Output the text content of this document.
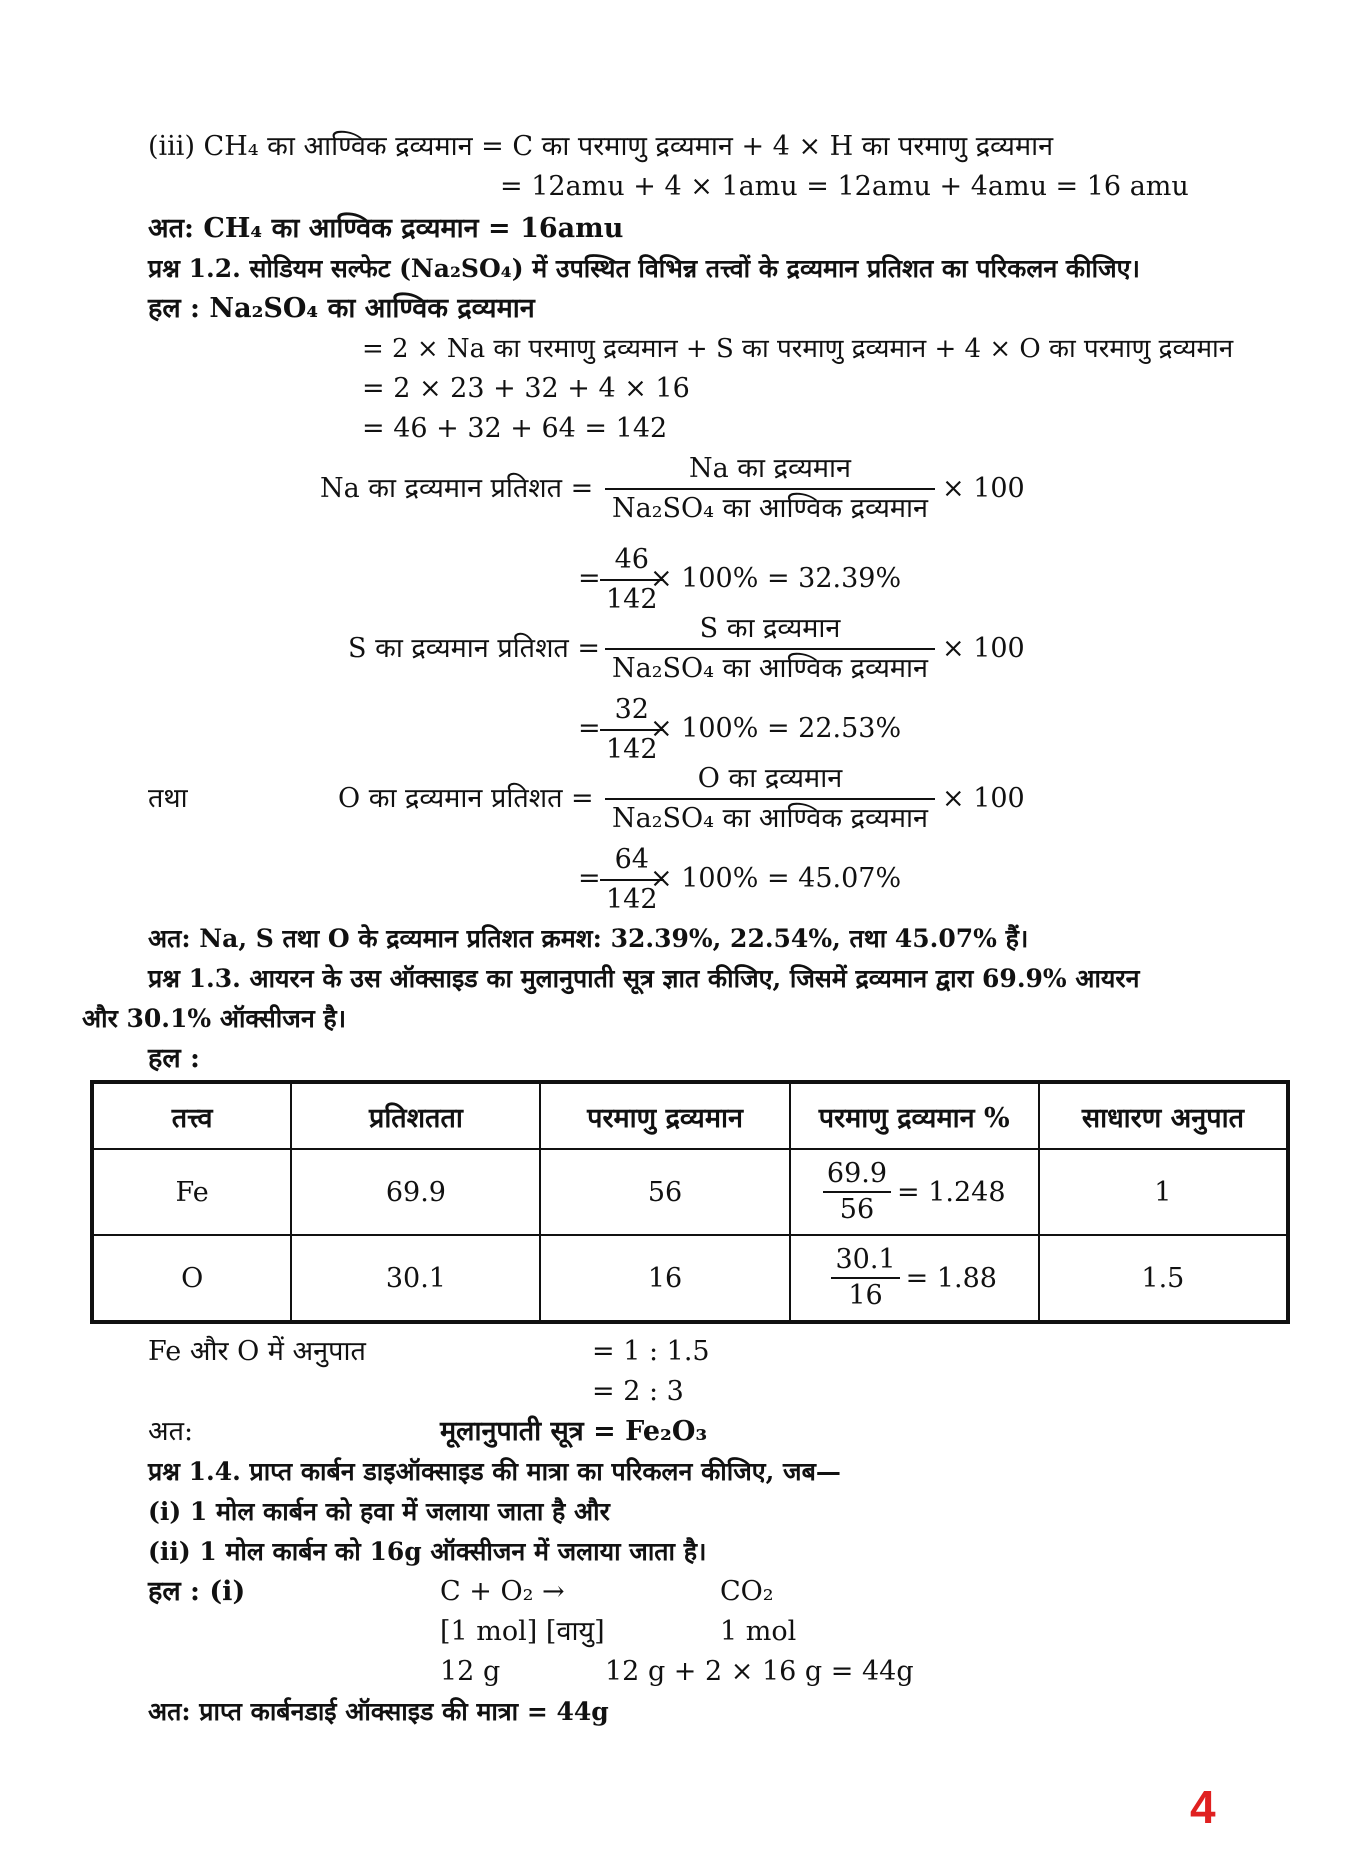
(iii) CH₄ का आण्विक द्रव्यमान = C का परमाणु द्रव्यमान + 4 × H का परमाणु द्रव्यमान
= 12amu + 4 × 1amu = 12amu + 4amu = 16 amu
अत: CH₄ का आण्विक द्रव्यमान = 16amu
प्रश्न 1.2. सोडियम सल्फेट (Na₂SO₄) में उपस्थित विभिन्न तत्त्वों के द्रव्यमान प्रतिशत का परिकलन कीजिए।
हल : Na₂SO₄ का आण्विक द्रव्यमान
= 2 × Na का परमाणु द्रव्यमान + S का परमाणु द्रव्यमान + 4 × O का परमाणु द्रव्यमान
= 2 × 23 + 32 + 4 × 16
= 46 + 32 + 64 = 142
Na का द्रव्यमान प्रतिशत =
Na का द्रव्यमान
Na₂SO₄ का आण्विक द्रव्यमान
× 100
= $\frac{46}{142}$
× 100% = 32.39%
S का द्रव्यमान प्रतिशत =
S का द्रव्यमान
Na₂SO₄ का आण्विक द्रव्यमान
× 100
= $\frac{32}{142}$
× 100% = 22.53%
तथा	O का द्रव्यमान प्रतिशत =
O का द्रव्यमान
Na₂SO₄ का आण्विक द्रव्यमान
× 100
= $\frac{64}{142}$
× 100% = 45.07%
अत: Na, S तथा O के द्रव्यमान प्रतिशत क्रमश: 32.39%, 22.54%, तथा 45.07% हैं।
प्रश्न 1.3. आयरन के उस ऑक्साइड का मुलानुपाती सूत्र ज्ञात कीजिए, जिसमें द्रव्यमान द्वारा 69.9% आयरन
और 30.1% ऑक्सीजन है।
हल :
तत्त्व	प्रतिशतता	परमाणु द्रव्यमान	परमाणु द्रव्यमान %	साधारण अनुपात
Fe	69.9	56	$\frac{69.9}{56} = 1.248$	1
O	30.1	16	$\frac{30.1}{16} = 1.88$	1.5
Fe और O में अनुपात	= 1 : 1.5
= 2 : 3
अत:	मूलानुपाती सूत्र = Fe₂O₃
प्रश्न 1.4. प्राप्त कार्बन डाइऑक्साइड की मात्रा का परिकलन कीजिए, जब—
(i) 1 मोल कार्बन को हवा में जलाया जाता है और
(ii) 1 मोल कार्बन को 16g ऑक्सीजन में जलाया जाता है।
हल : (i)	C + O₂ →	CO₂
[1 mol] [वायु]	1 mol
12 g	12 g + 2 × 16 g = 44g
अत: प्राप्त कार्बनडाई ऑक्साइड की मात्रा = 44g
4
